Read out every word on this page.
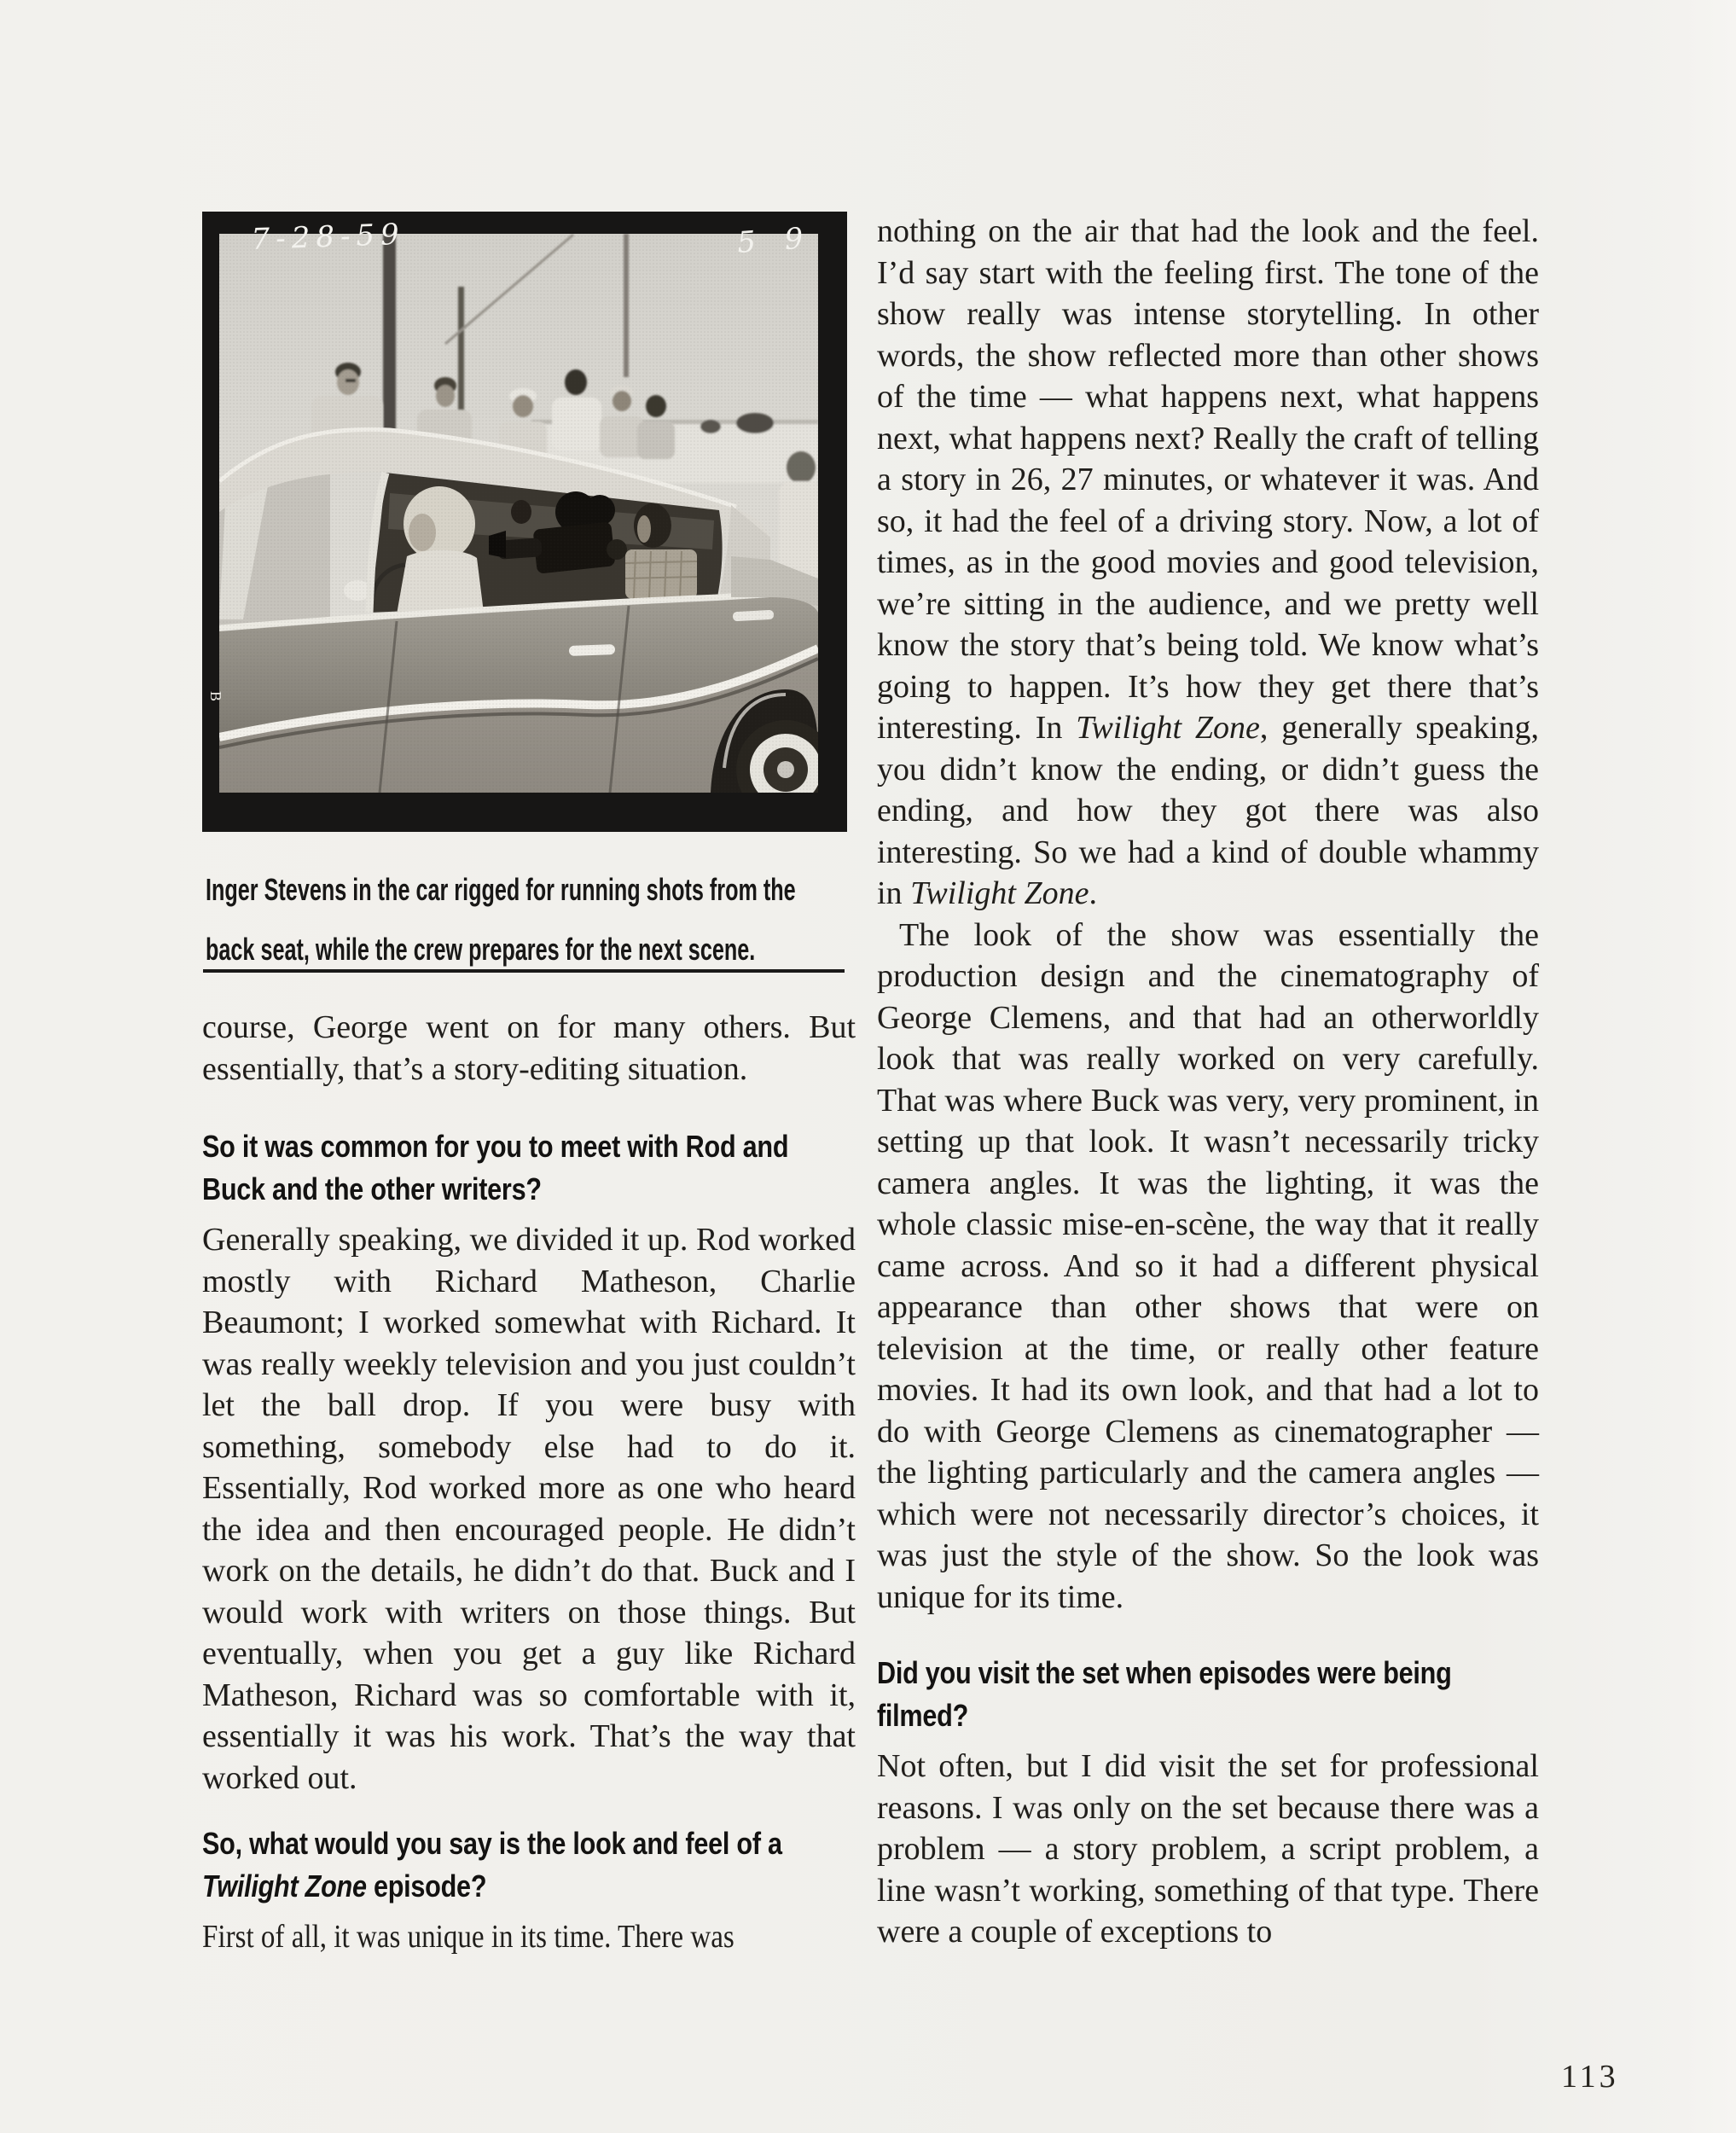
7-28-59	59
B
Inger Stevens in the car rigged for running shots from the
back seat, while the crew prepares for the next scene.

course, George went on for many others. But essentially, that’s a story-editing situation.

So it was common for you to meet with Rod and Buck and the other writers?

Generally speaking, we divided it up. Rod worked mostly with Richard Matheson, Charlie Beaumont; I worked somewhat with Richard. It was really weekly television and you just couldn’t let the ball drop. If you were busy with something, somebody else had to do it. Essentially, Rod worked more as one who heard the idea and then encouraged people. He didn’t work on the details, he didn’t do that. Buck and I would work with writers on those things. But eventually, when you get a guy like Richard Matheson, Richard was so comfortable with it, essentially it was his work. That’s the way that worked out.

So, what would you say is the look and feel of a Twilight Zone episode?

First of all, it was unique in its time. There was

nothing on the air that had the look and the feel. I’d say start with the feeling first. The tone of the show really was intense storytelling. In other words, the show reflected more than other shows of the time — what happens next, what happens next, what happens next? Really the craft of telling a story in 26, 27 minutes, or whatever it was. And so, it had the feel of a driving story. Now, a lot of times, as in the good movies and good television, we’re sitting in the audience, and we pretty well know the story that’s being told. We know what’s going to happen. It’s how they get there that’s interesting. In Twilight Zone, generally speaking, you didn’t know the ending, or didn’t guess the ending, and how they got there was also interesting. So we had a kind of double whammy in Twilight Zone.

The look of the show was essentially the production design and the cinematography of George Clemens, and that had an otherworldly look that was really worked on very carefully. That was where Buck was very, very prominent, in setting up that look. It wasn’t necessarily tricky camera angles. It was the lighting, it was the whole classic mise-en-scène, the way that it really came across. And so it had a different physical appearance than other shows that were on television at the time, or really other feature movies. It had its own look, and that had a lot to do with George Clemens as cinematographer — the lighting particularly and the camera angles — which were not necessarily director’s choices, it was just the style of the show. So the look was unique for its time.

Did you visit the set when episodes were being filmed?

Not often, but I did visit the set for professional reasons. I was only on the set because there was a problem — a story problem, a script problem, a line wasn’t working, something of that type. There were a couple of exceptions to

113
